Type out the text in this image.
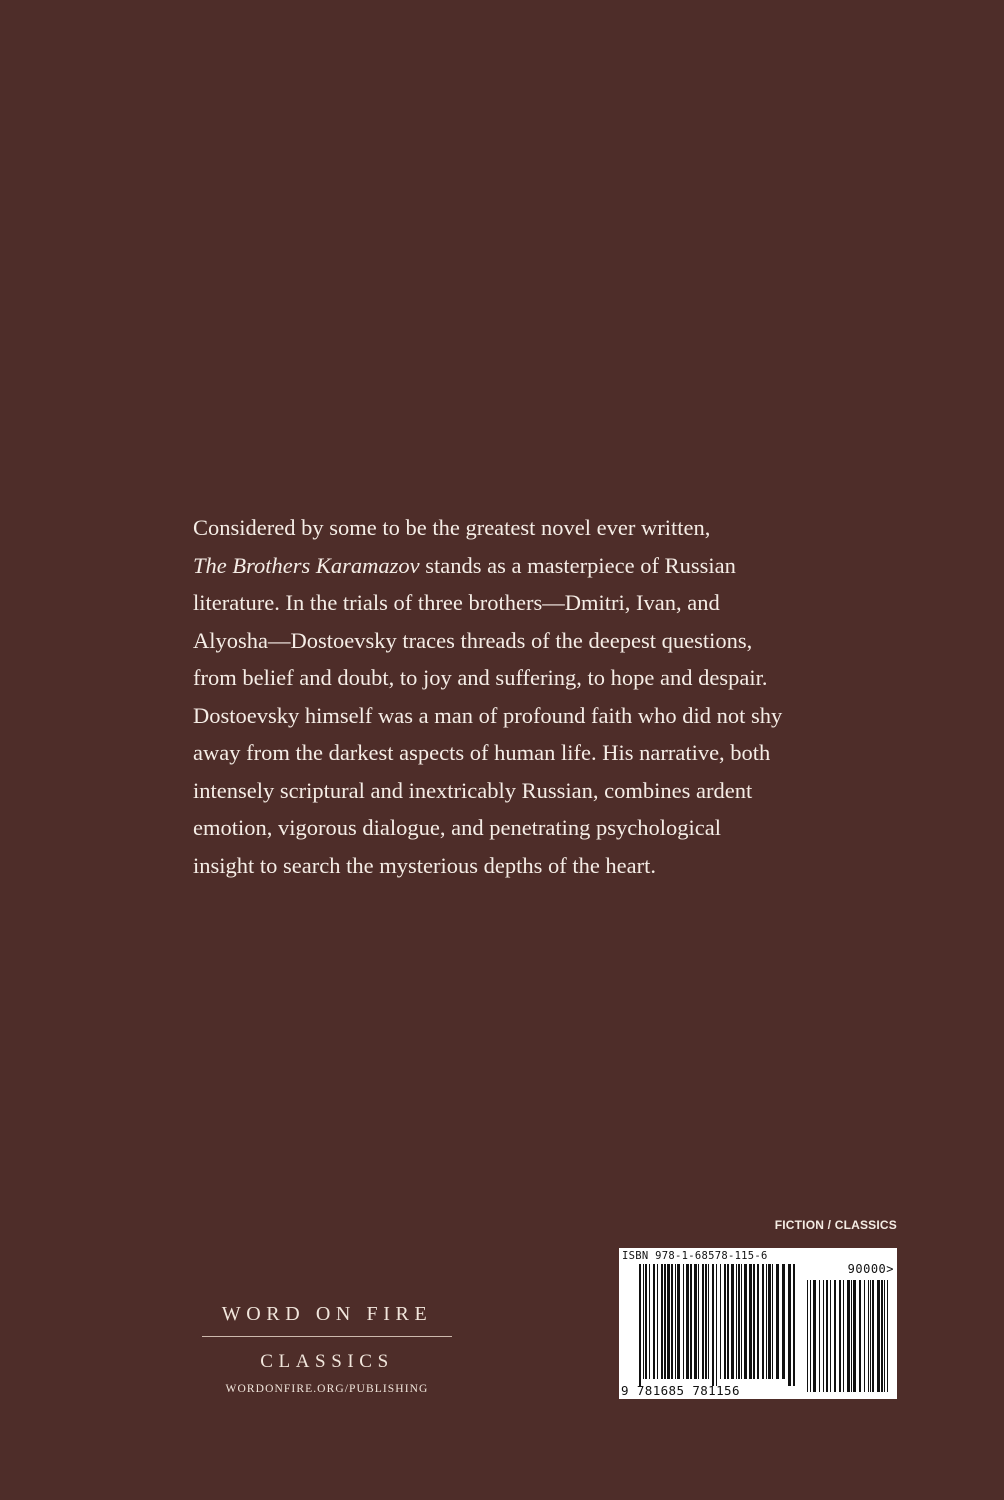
Considered by some to be the greatest novel ever written,
The Brothers Karamazov stands as a masterpiece of Russian
literature. In the trials of three brothers—Dmitri, Ivan, and
Alyosha—Dostoevsky traces threads of the deepest questions,
from belief and doubt, to joy and suffering, to hope and despair.
Dostoevsky himself was a man of profound faith who did not shy
away from the darkest aspects of human life. His narrative, both
intensely scriptural and inextricably Russian, combines ardent
emotion, vigorous dialogue, and penetrating psychological
insight to search the mysterious depths of the heart.
FICTION / CLASSICS
ISBN 978-1-68578-115-6
90000>
9 781685 781156
WORD ON FIRE
CLASSICS
WORDONFIRE.ORG/PUBLISHING
